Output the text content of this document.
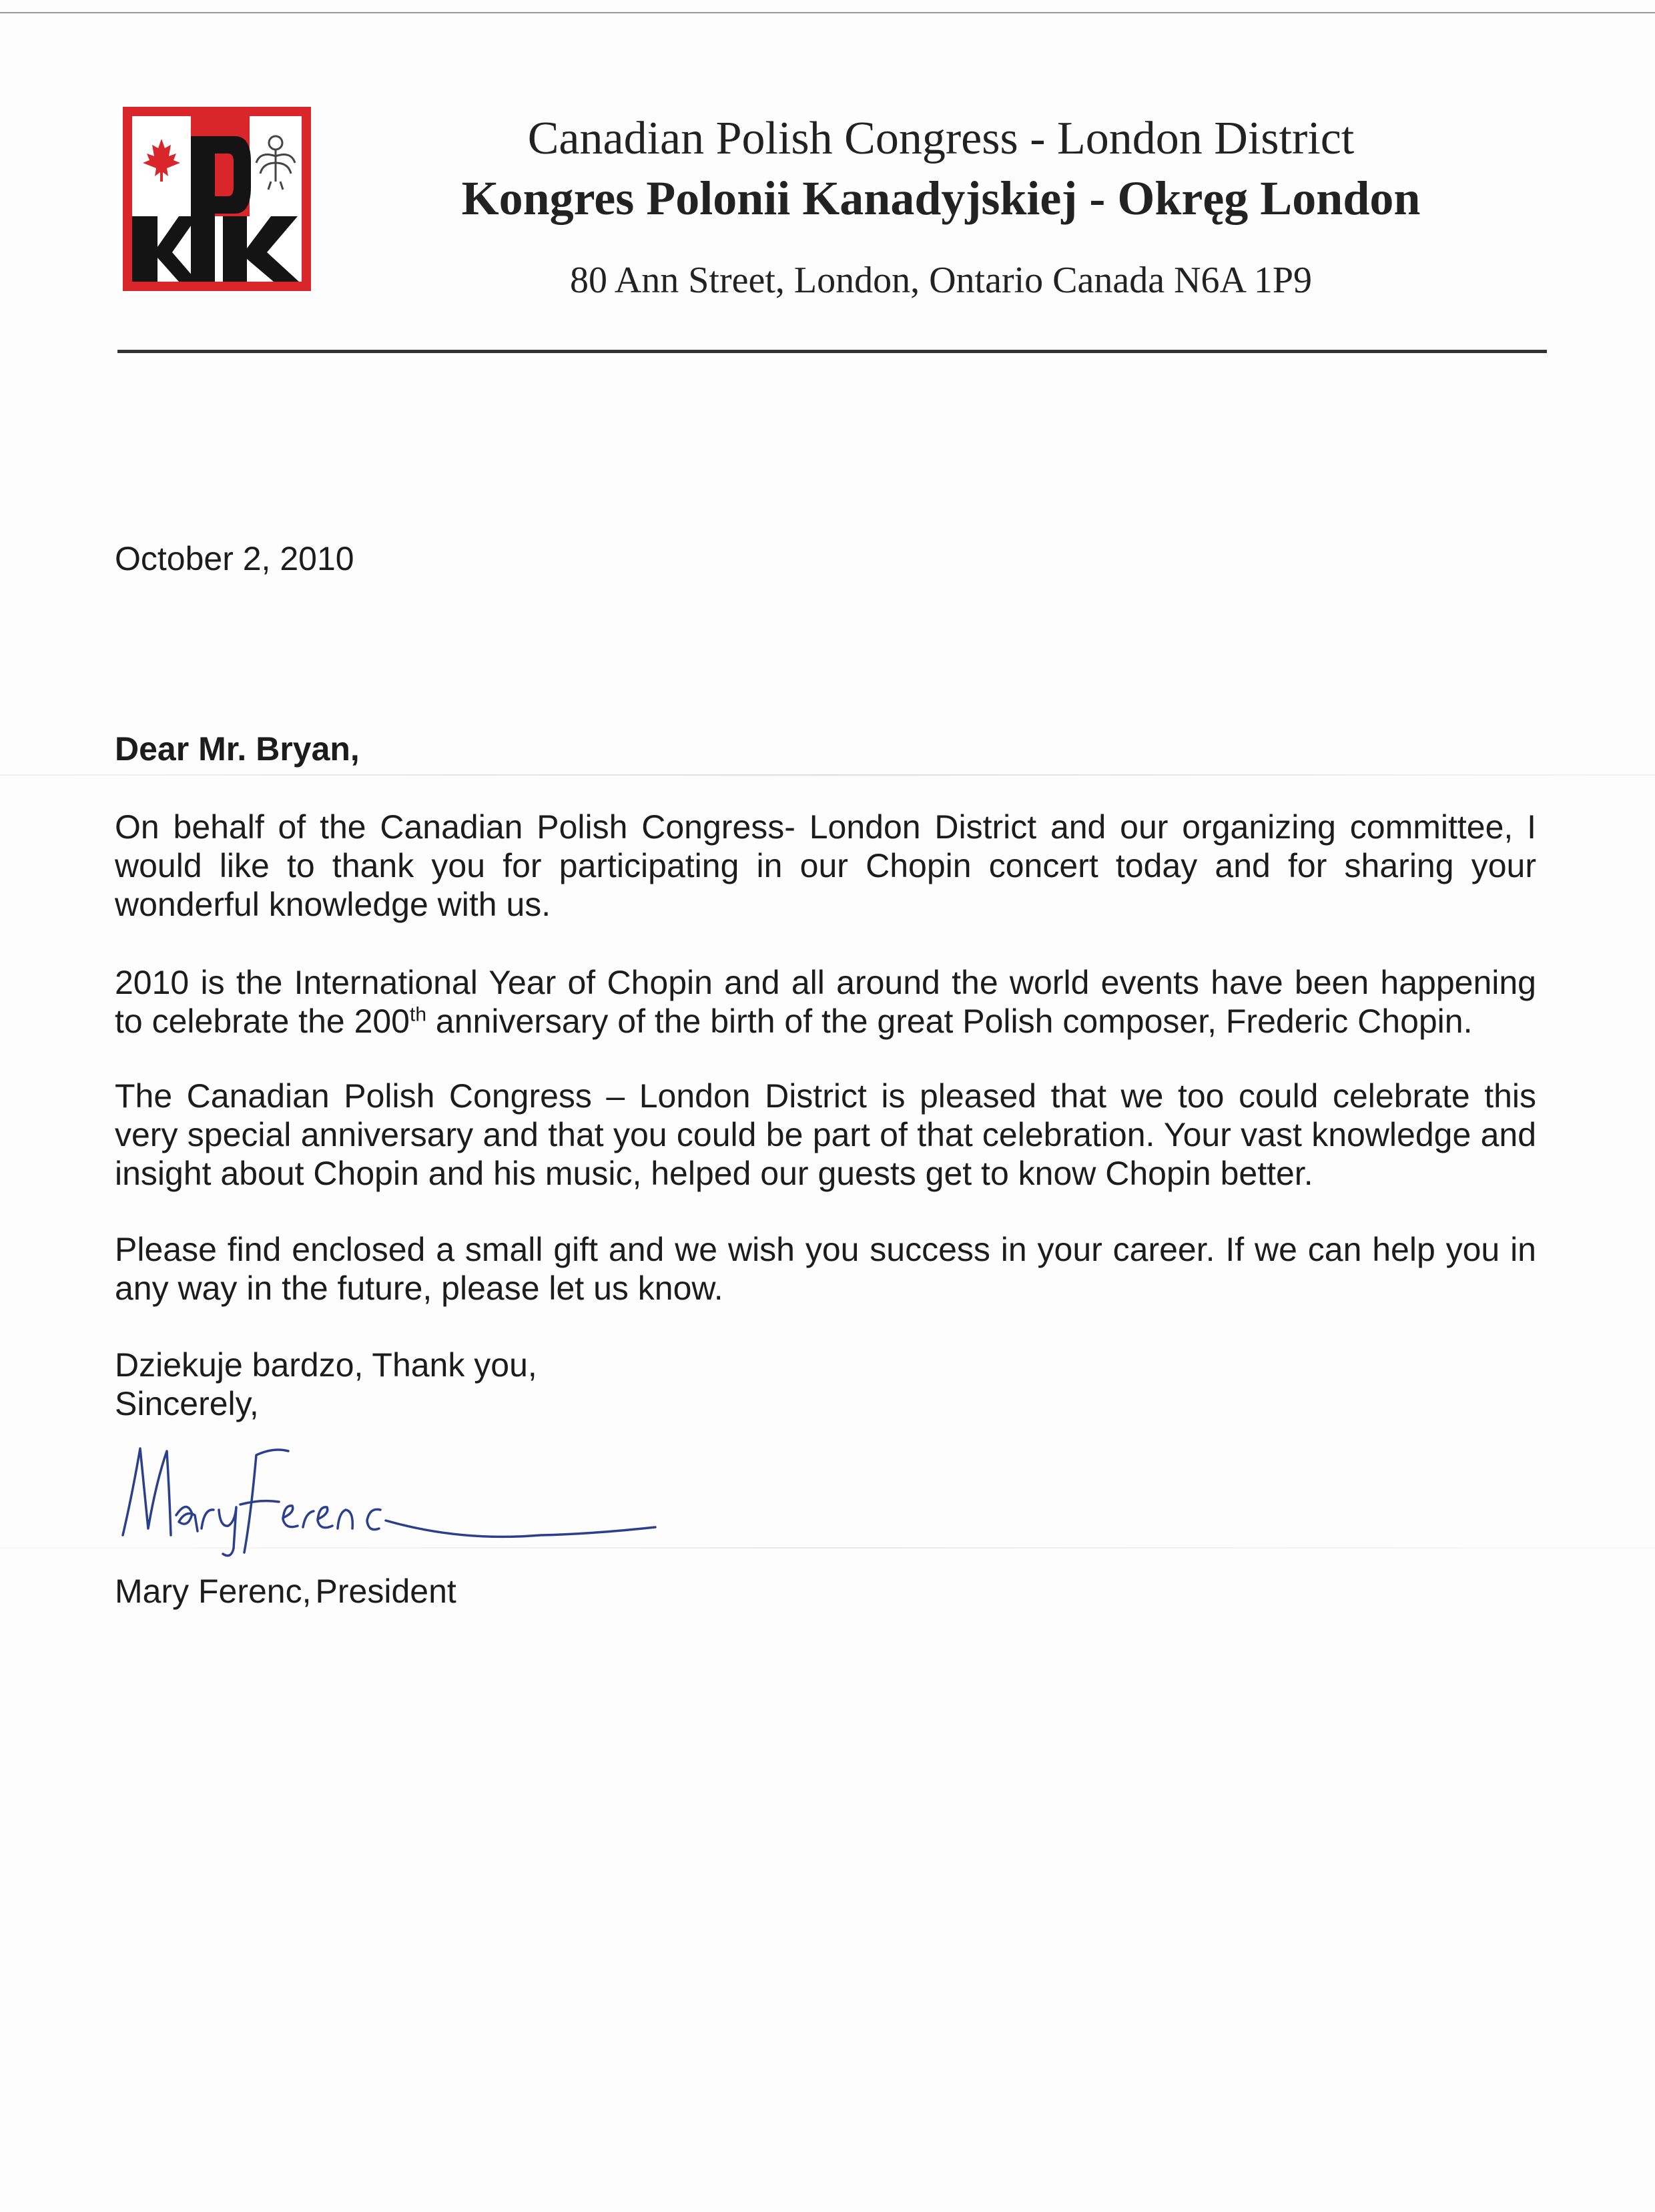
Canadian Polish Congress - London District
Kongres Polonii Kanadyjskiej - Okręg London
80 Ann Street, London, Ontario Canada N6A 1P9
October 2, 2010
Dear Mr. Bryan,
On behalf of the Canadian Polish Congress- London District and our organizing committee, I would like to thank you for participating in our Chopin concert today and for sharing your wonderful knowledge with us.
2010 is the International Year of Chopin and all around the world events have been happening to celebrate the 200th anniversary of the birth of the great Polish composer, Frederic Chopin.
The Canadian Polish Congress – London District is pleased that we too could celebrate this very special anniversary and that you could be part of that celebration. Your vast knowledge and insight about Chopin and his music, helped our guests get to know Chopin better.
Please find enclosed a small gift and we wish you success in your career. If we can help you in any way in the future, please let us know.
Dziekuje bardzo, Thank you,
Sincerely,
Mary Ferenc, President
